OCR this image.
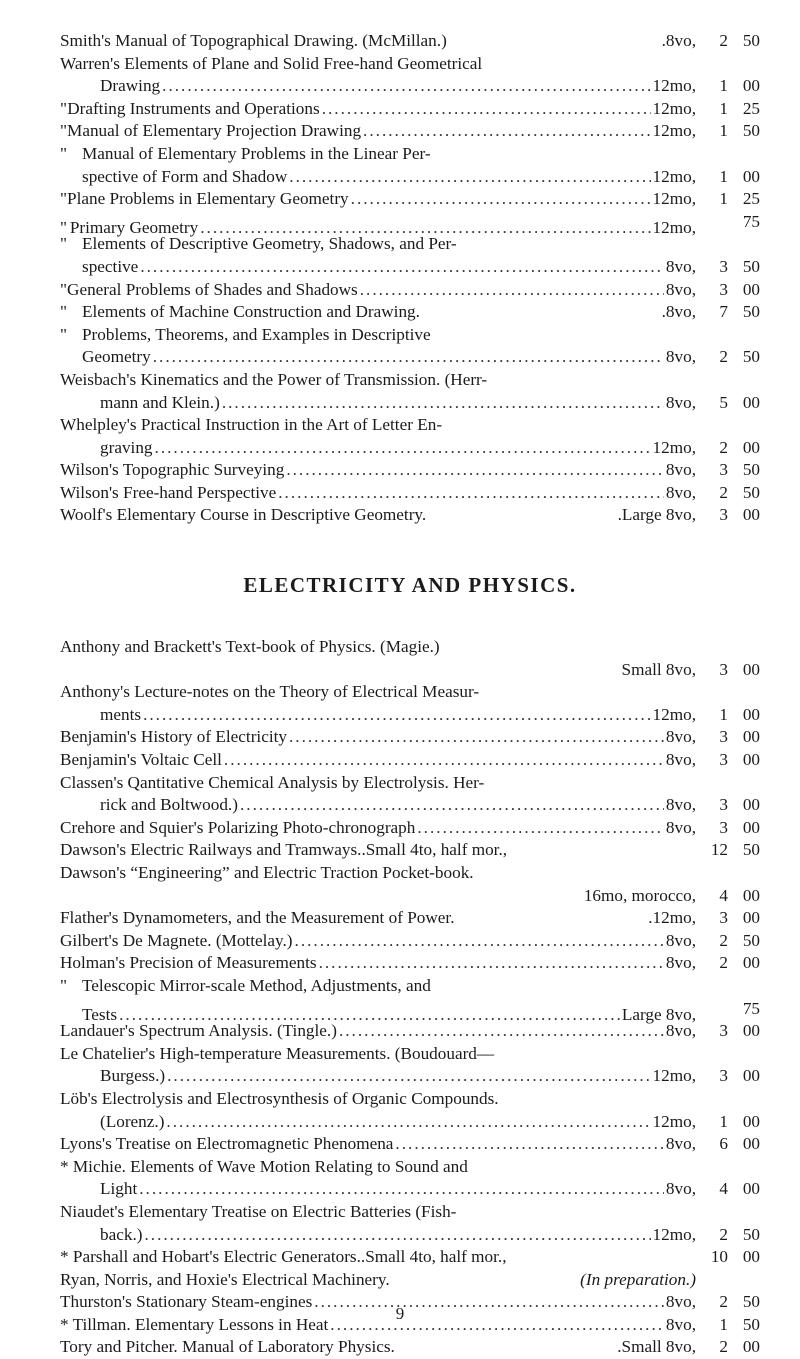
Smith's Manual of Topographical Drawing. (McMillan.)	.8vo,	2 50
Warren's Elements of Plane and Solid Free-hand Geometrical
Drawing .....	12mo,	1 00
" Drafting Instruments and Operations .....	12mo,	1 25
" Manual of Elementary Projection Drawing .....	12mo,	1 50
" Manual of Elementary Problems in the Linear Per-
spective of Form and Shadow .....	12mo,	1 00
" Plane Problems in Elementary Geometry .....	12mo,	1 25
" Primary Geometry .....	12mo,	75
" Elements of Descriptive Geometry, Shadows, and Per-
spective .....	8vo,	3 50
" General Problems of Shades and Shadows .....	8vo,	3 00
" Elements of Machine Construction and Drawing.	.8vo,	7 50
" Problems, Theorems, and Examples in Descriptive
Geometry .....	8vo,	2 50
Weisbach's Kinematics and the Power of Transmission. (Herr-
mann and Klein.) .....	8vo,	5 00
Whelpley's Practical Instruction in the Art of Letter En-
graving .....	12mo,	2 00
Wilson's Topographic Surveying .....	8vo,	3 50
Wilson's Free-hand Perspective .....	8vo,	2 50
Woolf's Elementary Course in Descriptive Geometry.	.Large 8vo,	3 00
ELECTRICITY AND PHYSICS.
Anthony and Brackett's Text-book of Physics. (Magie.)
Small 8vo,	3 00
Anthony's Lecture-notes on the Theory of Electrical Measur-
ments .....	12mo,	1 00
Benjamin's History of Electricity .....	8vo,	3 00
Benjamin's Voltaic Cell .....	8vo,	3 00
Classen's Qantitative Chemical Analysis by Electrolysis. Her-
rick and Boltwood.) .....	8vo,	3 00
Crehore and Squier's Polarizing Photo-chronograph .....	8vo,	3 00
Dawson's Electric Railways and Tramways..Small 4to, half mor.,	12 50
Dawson's “Engineering” and Electric Traction Pocket-book.
16mo, morocco,	4 00
Flather's Dynamometers, and the Measurement of Power.	.12mo,	3 00
Gilbert's De Magnete. (Mottelay.) .....	8vo,	2 50
Holman's Precision of Measurements .....	8vo,	2 00
" Telescopic Mirror-scale Method, Adjustments, and
Tests .....	Large 8vo,	75
Landauer's Spectrum Analysis. (Tingle.) .....	8vo,	3 00
Le Chatelier's High-temperature Measurements. (Boudouard—
Burgess.) .....	12mo,	3 00
Löb's Electrolysis and Electrosynthesis of Organic Compounds.
(Lorenz.) .....	12mo,	1 00
Lyons's Treatise on Electromagnetic Phenomena .....	8vo,	6 00
* Michie. Elements of Wave Motion Relating to Sound and
Light .....	8vo,	4 00
Niaudet's Elementary Treatise on Electric Batteries (Fish-
back.) .....	12mo,	2 50
* Parshall and Hobart's Electric Generators..Small 4to, half mor.,	10 00
Ryan, Norris, and Hoxie's Electrical Machinery.	(In preparation.)
Thurston's Stationary Steam-engines .....	8vo,	2 50
* Tillman. Elementary Lessons in Heat .....	8vo,	1 50
Tory and Pitcher. Manual of Laboratory Physics.	.Small 8vo,	2 00
9
